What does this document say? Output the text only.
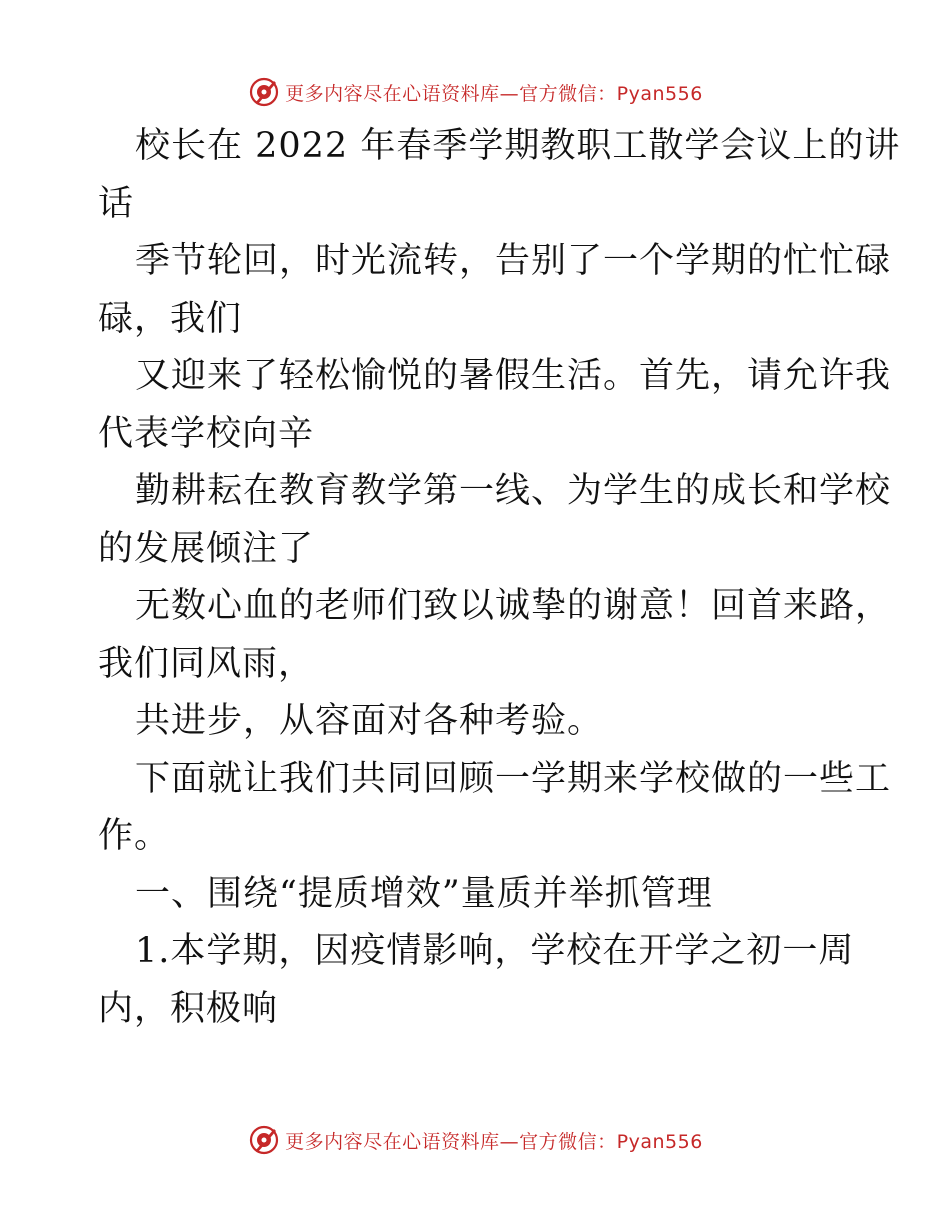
更多内容尽在心语资料库—官方微信：Pyan556
校长在 2022 年春季学期教职工散学会议上的讲
话
季节轮回，时光流转，告别了一个学期的忙忙碌
碌，我们
又迎来了轻松愉悦的暑假生活。首先，请允许我
代表学校向辛
勤耕耘在教育教学第一线、为学生的成长和学校
的发展倾注了
无数心血的老师们致以诚挚的谢意！回首来路，
我们同风雨，
共进步，从容面对各种考验。
下面就让我们共同回顾一学期来学校做的一些工
作。
一、围绕“提质增效”量质并举抓管理
1.本学期，因疫情影响，学校在开学之初一周
内，积极响
更多内容尽在心语资料库—官方微信：Pyan556
